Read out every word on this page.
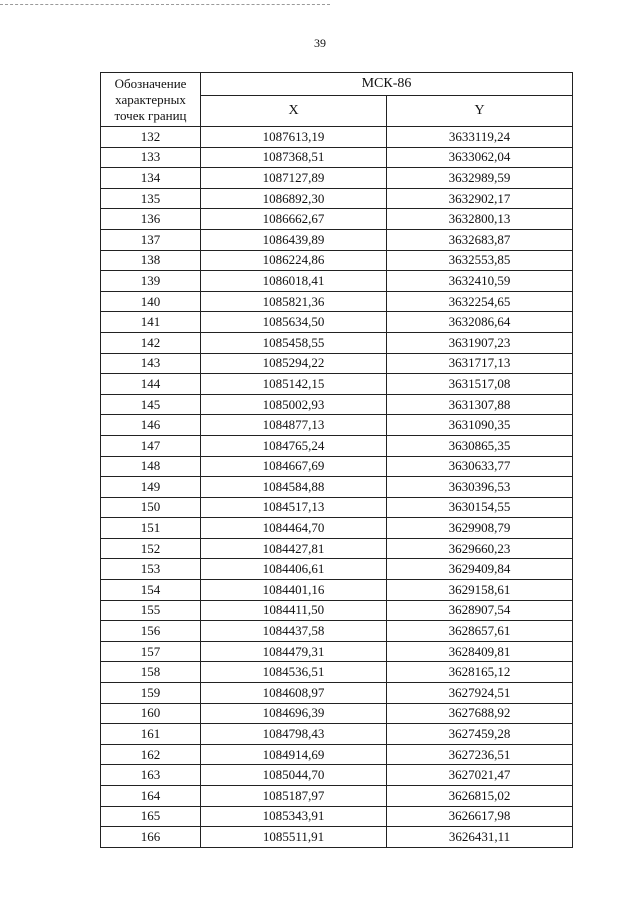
39
Обозначение характерных точек границ	МСК-86	
	X	Y
132	1087613,19	3633119,24
133	1087368,51	3633062,04
134	1087127,89	3632989,59
135	1086892,30	3632902,17
136	1086662,67	3632800,13
137	1086439,89	3632683,87
138	1086224,86	3632553,85
139	1086018,41	3632410,59
140	1085821,36	3632254,65
141	1085634,50	3632086,64
142	1085458,55	3631907,23
143	1085294,22	3631717,13
144	1085142,15	3631517,08
145	1085002,93	3631307,88
146	1084877,13	3631090,35
147	1084765,24	3630865,35
148	1084667,69	3630633,77
149	1084584,88	3630396,53
150	1084517,13	3630154,55
151	1084464,70	3629908,79
152	1084427,81	3629660,23
153	1084406,61	3629409,84
154	1084401,16	3629158,61
155	1084411,50	3628907,54
156	1084437,58	3628657,61
157	1084479,31	3628409,81
158	1084536,51	3628165,12
159	1084608,97	3627924,51
160	1084696,39	3627688,92
161	1084798,43	3627459,28
162	1084914,69	3627236,51
163	1085044,70	3627021,47
164	1085187,97	3626815,02
165	1085343,91	3626617,98
166	1085511,91	3626431,11
